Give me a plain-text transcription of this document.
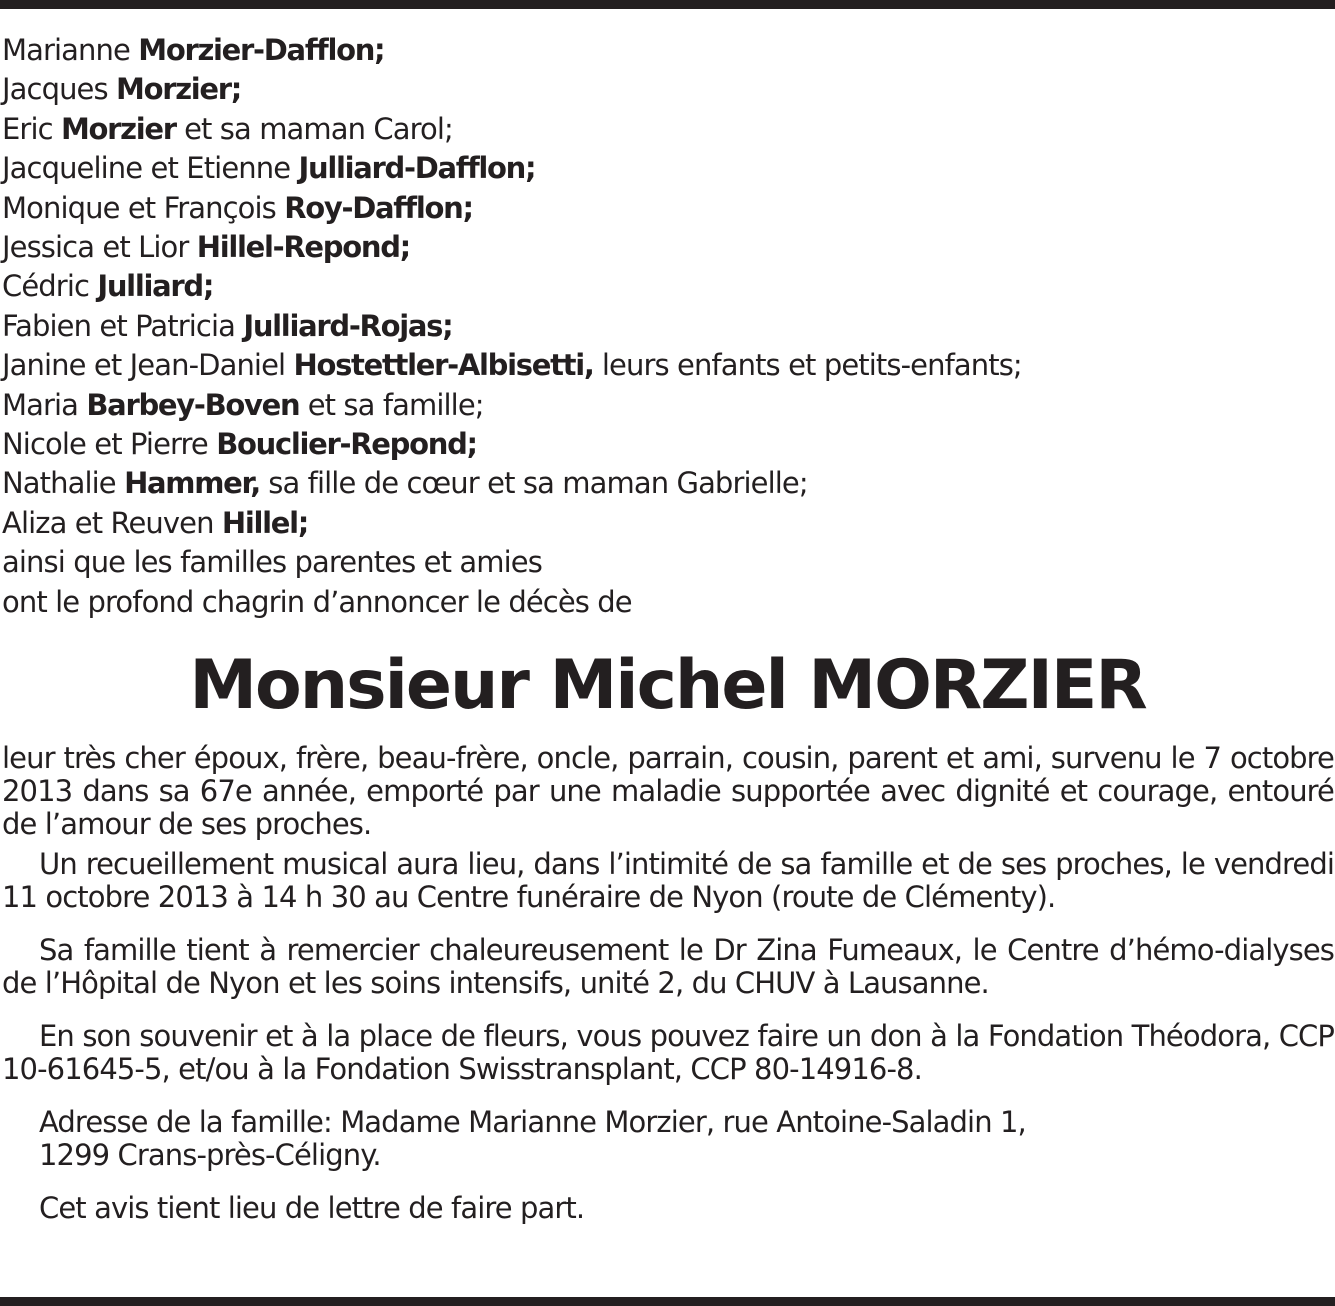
Marianne Morzier-Dafflon;
Jacques Morzier;
Eric Morzier et sa maman Carol;
Jacqueline et Etienne Julliard-Dafflon;
Monique et François Roy-Dafflon;
Jessica et Lior Hillel-Repond;
Cédric Julliard;
Fabien et Patricia Julliard-Rojas;
Janine et Jean-Daniel Hostettler-Albisetti, leurs enfants et petits-enfants;
Maria Barbey-Boven et sa famille;
Nicole et Pierre Bouclier-Repond;
Nathalie Hammer, sa fille de cœur et sa maman Gabrielle;
Aliza et Reuven Hillel;
ainsi que les familles parentes et amies
ont le profond chagrin d’annoncer le décès de
Monsieur Michel MORZIER

leur très cher époux, frère, beau-frère, oncle, parrain, cousin, parent et ami, survenu le 7 octobre 2013 dans sa 67e année, emporté par une maladie supportée avec dignité et courage, entouré de l’amour de ses proches.

Un recueillement musical aura lieu, dans l’intimité de sa famille et de ses proches, le vendredi 11 octobre 2013 à 14 h 30 au Centre funéraire de Nyon (route de Clémenty).

Sa famille tient à remercier chaleureusement le Dr Zina Fumeaux, le Centre d’hémo-dialyses de l’Hôpital de Nyon et les soins intensifs, unité 2, du CHUV à Lausanne.

En son souvenir et à la place de fleurs, vous pouvez faire un don à la Fondation Théodora, CCP 10-61645-5, et/ou à la Fondation Swisstransplant, CCP 80-14916-8.

Adresse de la famille: Madame Marianne Morzier, rue Antoine-Saladin 1,
1299 Crans-près-Céligny.

Cet avis tient lieu de lettre de faire part.
